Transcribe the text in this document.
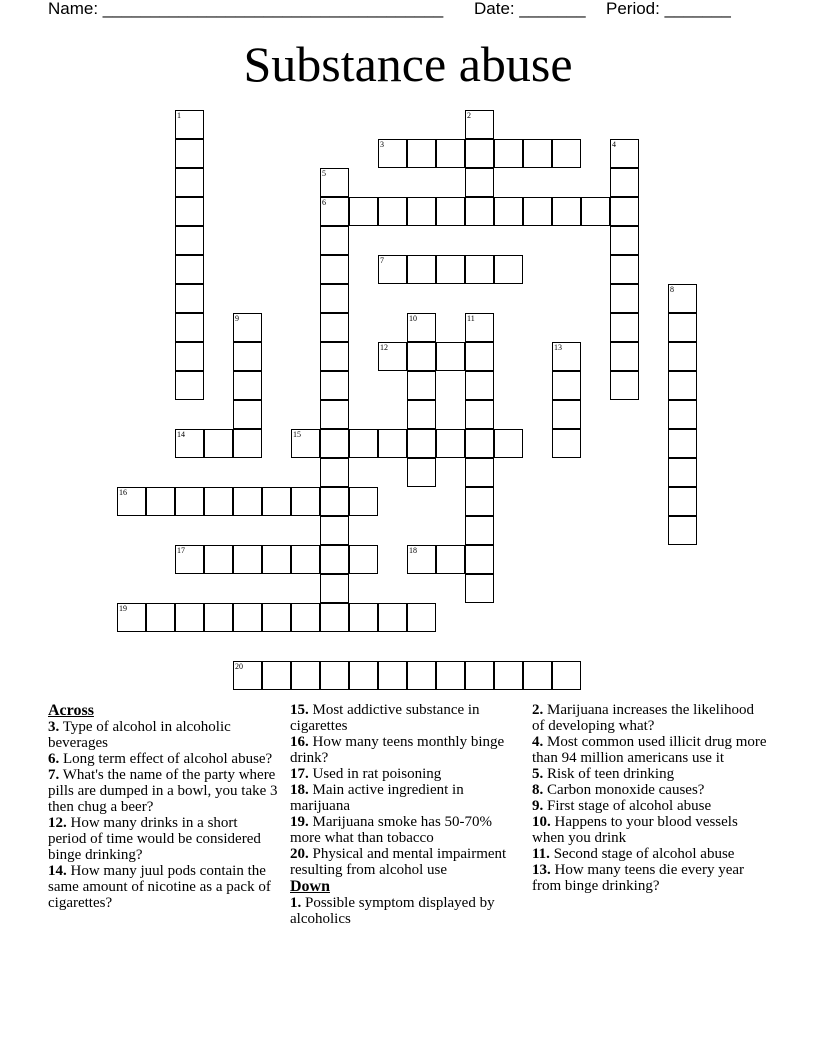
Name: ____________________________________ Date: _______ Period: _______
Substance abuse
1	2
3	4
5
6
7
8
9	10	11
12	13
14	15
16
17	18
19
20
Across
3. Type of alcohol in alcoholic beverages
6. Long term effect of alcohol abuse?
7. What's the name of the party where pills are dumped in a bowl, you take 3 then chug a beer?
12. How many drinks in a short period of time would be considered binge drinking?
14. How many juul pods contain the same amount of nicotine as a pack of cigarettes?
15. Most addictive substance in cigarettes
16. How many teens monthly binge drink?
17. Used in rat poisoning
18. Main active ingredient in marijuana
19. Marijuana smoke has 50-70% more what than tobacco
20. Physical and mental impairment resulting from alcohol use
Down
1. Possible symptom displayed by alcoholics
2. Marijuana increases the likelihood of developing what?
4. Most common used illicit drug more than 94 million americans use it
5. Risk of teen drinking
8. Carbon monoxide causes?
9. First stage of alcohol abuse
10. Happens to your blood vessels when you drink
11. Second stage of alcohol abuse
13. How many teens die every year from binge drinking?
